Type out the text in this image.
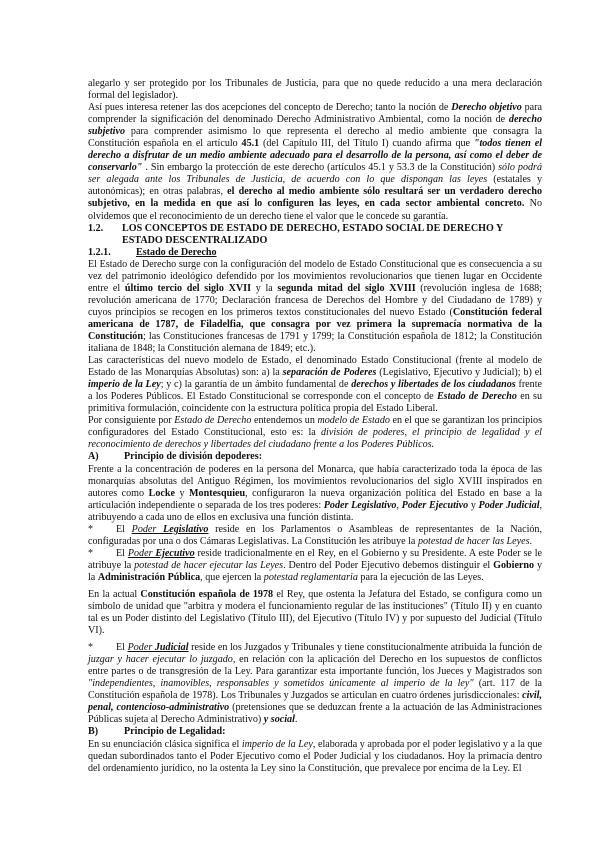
alegarlo y ser protegido por los Tribunales de Justicia, para que no quede reducido a una mera declaración formal del legislador).

Así pues interesa retener las dos acepciones del concepto de Derecho; tanto la noción de Derecho objetivo para comprender la significación del denominado Derecho Administrativo Ambiental, como la noción de derecho subjetivo para comprender asimismo lo que representa el derecho al medio ambiente que consagra la Constitución española en el artículo 45.1 (del Capítulo III, del Título I) cuando afirma que "todos tienen el derecho a disfrutar de un medio ambiente adecuado para el desarrollo de la persona, así como el deber de conservarlo" . Sin embargo la protección de este derecho (artículos 45.1 y 53.3 de la Constitución) sólo podrá ser alegada ante los Tribunales de Justicia, de acuerdo con lo que dispongan las leyes (estatales y autonómicas); en otras palabras, el derecho al medio ambiente sólo resultará ser un verdadero derecho subjetivo, en la medida en que así lo configuren las leyes, en cada sector ambiental concreto. No olvidemos que el reconocimiento de un derecho tiene el valor que le concede su garantía.

1.2.	LOS CONCEPTOS DE ESTADO DE DERECHO, ESTADO SOCIAL DE DERECHO Y ESTADO DESCENTRALIZADO
1.2.1.	Estado de Derecho

El Estado de Derecho surge con la configuración del modelo de Estado Constitucional que es consecuencia a su vez del patrimonio ideológico defendido por los movimientos revolucionarios que tienen lugar en Occidente entre el último tercio del siglo XVII y la segunda mitad del siglo XVIII (revolución inglesa de 1688; revolución americana de 1770; Declaración francesa de Derechos del Hombre y del Ciudadano de 1789) y cuyos principios se recogen en los primeros textos constitucionales del nuevo Estado (Constitución federal americana de 1787, de Filadelfia, que consagra por vez primera la supremacía normativa de la Constitución; las Constituciones francesas de 1791 y 1799; la Constitución española de 1812; la Constitución italiana de 1848; la Constitución alemana de 1849; etc.).

Las características del nuevo modelo de Estado, el denominado Estado Constitucional (frente al modelo de Estado de las Monarquías Absolutas) son: a) la separación de Poderes (Legislativo, Ejecutivo y Judicial); b) el imperio de la Ley; y c) la garantía de un ámbito fundamental de derechos y libertades de los ciudadanos frente a los Poderes Públicos. El Estado Constitucional se corresponde con el concepto de Estado de Derecho en su primitiva formulación, coincidente con la estructura política propia del Estado Liberal.

Por consiguiente por Estado de Derecho entendemos un modelo de Estado en el que se garantizan los principios configuradores del Estado Constitucional, esto es: la división de poderes, el principio de legalidad y el reconocimiento de derechos y libertades del ciudadano frente a los Poderes Públicos.

A)	Principio de división depoderes:

Frente a la concentración de poderes en la persona del Monarca, que había caracterizado toda la época de las monarquías absolutas del Antiguo Régimen, los movimientos revolucionarios del siglo XVIII inspirados en autores como Locke y Montesquieu, configuraron la nueva organización política del Estado en base a la articulación independiente o separada de los tres poderes: Poder Legislativo, Poder Ejecutivo y Poder Judicial, atribuyendo a cada uno de ellos en exclusiva una función distinta.

* El Poder Legislativo reside en los Parlamentos o Asambleas de representantes de la Nación, configuradas por una o dos Cámaras Legislativas. La Constitución les atribuye la potestad de hacer las Leyes.

* El Poder Ejecutivo reside tradicionalmente en el Rey, en el Gobierno y su Presidente. A este Poder se le atribuye la potestad de hacer ejecutar las Leyes. Dentro del Poder Ejecutivo debemos distinguir el Gobierno y la Administración Pública, que ejercen la potestad reglamentaria para la ejecución de las Leyes.

En la actual Constitución española de 1978 el Rey, que ostenta la Jefatura del Estado, se configura como un símbolo de unidad que "arbitra y modera el funcionamiento regular de las instituciones" (Título II) y en cuanto tal es un Poder distinto del Legislativo (Título III), del Ejecutivo (Título IV) y por supuesto del Judicial (Título VI).

* El Poder Judicial reside en los Juzgados y Tribunales y tiene constitucionalmente atribuida la función de juzgar y hacer ejecutar lo juzgado, en relación con la aplicación del Derecho en los supuestos de conflictos entre partes o de transgresión de la Ley. Para garantizar esta importante función, los Jueces y Magistrados son "independientes, inamovibles, responsables y sometidos únicamente al imperio de la ley" (art. 117 de la Constitución española de 1978). Los Tribunales y Juzgados se articulan en cuatro órdenes jurisdiccionales: civil, penal, contencioso-administrativo (pretensiones que se deduzcan frente a la actuación de las Administraciones Públicas sujeta al Derecho Administrativo) y social.

B)	Principio de Legalidad:

En su enunciación clásica significa el imperio de la Ley, elaborada y aprobada por el poder legislativo y a la que quedan subordinados tanto el Poder Ejecutivo como el Poder Judicial y los ciudadanos. Hoy la primacía dentro del ordenamiento jurídico, no la ostenta la Ley sino la Constitución, que prevalece por encima de la Ley. El
